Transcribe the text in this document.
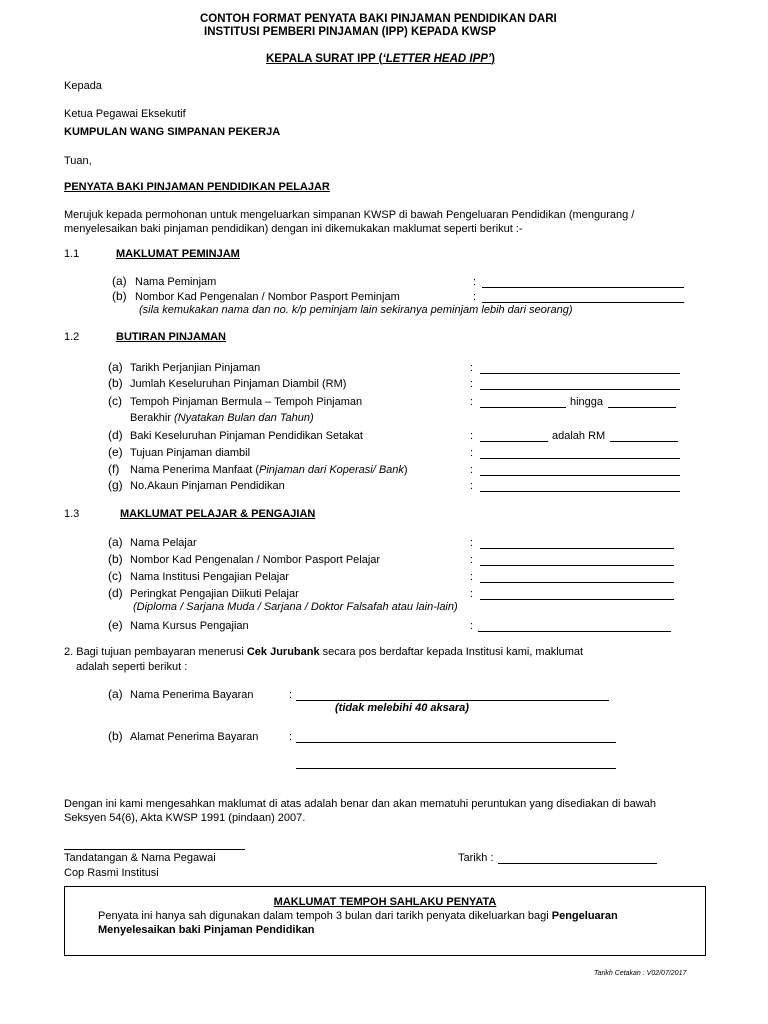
CONTOH FORMAT PENYATA BAKI PINJAMAN PENDIDIKAN DARI
INSTITUSI PEMBERI PINJAMAN (IPP) KEPADA KWSP
KEPALA SURAT IPP (‘LETTER HEAD IPP’)
Kepada
Ketua Pegawai Eksekutif
KUMPULAN WANG SIMPANAN PEKERJA
Tuan,
PENYATA BAKI PINJAMAN PENDIDIKAN PELAJAR
Merujuk kepada permohonan untuk mengeluarkan simpanan KWSP di bawah Pengeluaran Pendidikan (mengurang /
menyelesaikan baki pinjaman pendidikan) dengan ini dikemukakan maklumat seperti berikut :-
1.1	MAKLUMAT PEMINJAM
(a) Nama Peminjam	:
(b) Nombor Kad Pengenalan / Nombor Pasport Peminjam	:
(sila kemukakan nama dan no. k/p peminjam lain sekiranya peminjam lebih dari seorang)
1.2	BUTIRAN PINJAMAN
(a) Tarikh Perjanjian Pinjaman	:
(b) Jumlah Keseluruhan Pinjaman Diambil (RM)	:
(c) Tempoh Pinjaman Bermula – Tempoh Pinjaman	:	hingga
Berakhir (Nyatakan Bulan dan Tahun)
(d) Baki Keseluruhan Pinjaman Pendidikan Setakat	:	adalah RM
(e) Tujuan Pinjaman diambil	:
(f) Nama Penerima Manfaat (Pinjaman dari Koperasi/ Bank)	:
(g) No.Akaun Pinjaman Pendidikan	:
1.3	MAKLUMAT PELAJAR & PENGAJIAN
(a) Nama Pelajar	:
(b) Nombor Kad Pengenalan / Nombor Pasport Pelajar	:
(c) Nama Institusi Pengajian Pelajar	:
(d) Peringkat Pengajian Diikuti Pelajar	:
(Diploma / Sarjana Muda / Sarjana / Doktor Falsafah atau lain-lain)
(e) Nama Kursus Pengajian	:
2. Bagi tujuan pembayaran menerusi Cek Jurubank secara pos berdaftar kepada Institusi kami, maklumat
adalah seperti berikut :
(a) Nama Penerima Bayaran	:
(tidak melebihi 40 aksara)
(b) Alamat Penerima Bayaran	:
Dengan ini kami mengesahkan maklumat di atas adalah benar dan akan mematuhi peruntukan yang disediakan di bawah
Seksyen 54(6), Akta KWSP 1991 (pindaan) 2007.
Tandatangan & Nama Pegawai
Cop Rasmi Institusi
Tarikh :
MAKLUMAT TEMPOH SAHLAKU PENYATA
Penyata ini hanya sah digunakan dalam tempoh 3 bulan dari tarikh penyata dikeluarkan bagi Pengeluaran
Menyelesaikan baki Pinjaman Pendidikan
Tarikh Cetakan : V02/07/2017
